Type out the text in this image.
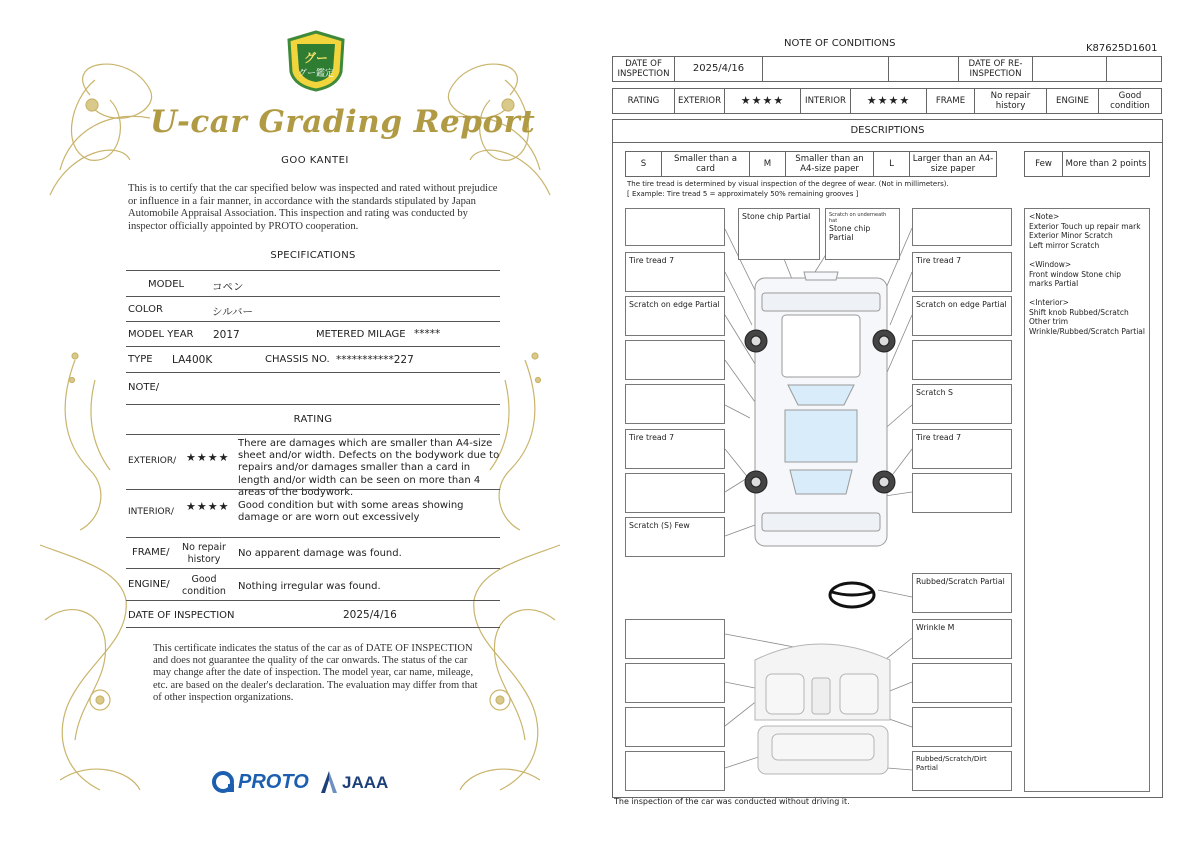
グー
グー鑑定
U-car Grading Report
GOO KANTEI
This is to certify that the car specified below was inspected and rated without prejudice or influence in a fair manner, in accordance with the standards stipulated by Japan Automobile Appraisal Association. This inspection and rating was conducted by inspector officially appointed by PROTO cooperation.
SPECIFICATIONS
MODEL	コペン
COLOR	シルバー
MODEL YEAR 2017	METERED MILAGE *****
TYPE LA400K	CHASSIS NO. ***********227
NOTE/
RATING
EXTERIOR/ ★★★★
There are damages which are smaller than A4-size sheet and/or width. Defects on the bodywork due to repairs and/or damages smaller than a card in length and/or width can be seen on more than 4 areas of the bodywork.
INTERIOR/ ★★★★ Good condition but with some areas showing damage or are worn out excessively
FRAME/	No repair history	No apparent damage was found.
ENGINE/	Good condition	Nothing irregular was found.
DATE OF INSPECTION	2025/4/16
This certificate indicates the status of the car as of DATE OF INSPECTION and does not guarantee the quality of the car onwards. The status of the car may change after the date of inspection. The model year, car name, mileage, etc. are based on the dealer's declaration. The evaluation may differ from that of other inspection organizations.
PROTO JAAA
NOTE OF CONDITIONS	K87625D1601
DATE OF INSPECTION	2025/4/16			DATE OF RE-INSPECTION		
RATING	EXTERIOR	★★★★	INTERIOR	★★★★	FRAME	No repair history	ENGINE	Good condition
DESCRIPTIONS
S	Smaller than a card	M	Smaller than an A4-size paper	L	Larger than an A4-size paper	Few	More than 2 points
The tire tread is determined by visual inspection of the degree of wear. (Not in millimeters).
[ Example: Tire tread 5 = approximately 50% remaining grooves ]
Stone chip Partial	Scratch on underneath hat
Stone chip Partial
Tire tread 7	Tire tread 7
Scratch on edge Partial	Scratch on edge Partial
Scratch S
Tire tread 7	Tire tread 7
Scratch (S) Few
Rubbed/Scratch Partial
Wrinkle M
Rubbed/Scratch/Dirt Partial
<Note>
Exterior Touch up repair mark
Exterior Minor Scratch
Left mirror Scratch
<Window>
Front window Stone chip marks Partial
<Interior>
Shift knob Rubbed/Scratch
Other trim
Wrinkle/Rubbed/Scratch Partial
The inspection of the car was conducted without driving it.
